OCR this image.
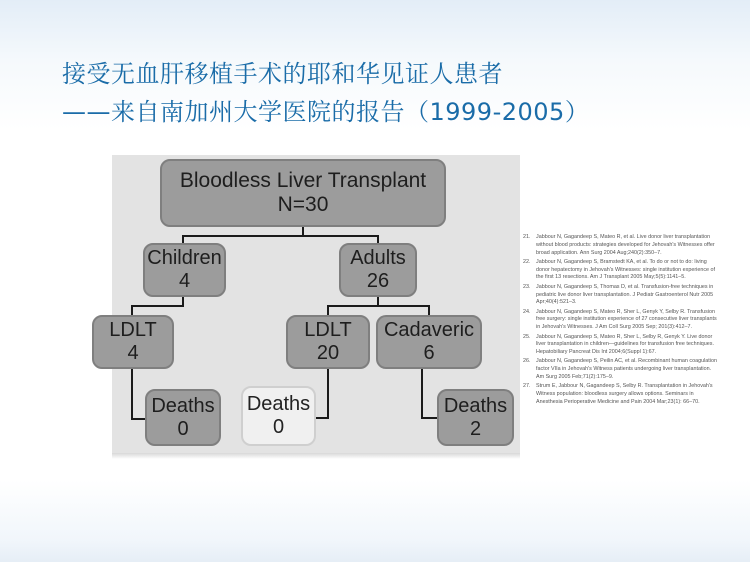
接受无血肝移植手术的耶和华见证人患者
——来自南加州大学医院的报告（1999-2005）
Bloodless Liver Transplant
N=30
Children
4
Adults
26
LDLT
4
LDLT
20
Cadaveric
6
Deaths
0
Deaths
0
Deaths
2
21.	Jabbour N, Gagandeep S, Mateo R, et al. Live donor liver transplantation without blood products: strategies developed for Jehovah's Witnesses offer broad application. Ann Surg 2004 Aug;240(2):350–7.
22.	Jabbour N, Gagandeep S, Bramstedt KA, et al. To do or not to do: living donor hepatectomy in Jehovah's Witnesses: single institution experience of the first 13 resections. Am J Transplant 2005 May;5(5):1141–5.
23.	Jabbour N, Gagandeep S, Thomas D, et al. Transfusion-free techniques in pediatric live donor liver transplantation. J Pediatr Gastroenterol Nutr 2005 Apr;40(4):521–3.
24.	Jabbour N, Gagandeep S, Mateo R, Sher L, Genyk Y, Selby R. Transfusion free surgery: single institution experience of 27 consecutive liver transplants in Jehovah's Witnesses. J Am Coll Surg 2005 Sep; 201(3):412–7.
25.	Jabbour N, Gagandeep S, Mateo R, Sher L, Selby R, Genyk Y. Live donor liver transplantation in children—guidelines for transfusion free techniques. Hepatobiliary Pancreat Dis Int 2004;6(Suppl 1):67.
26.	Jabbour N, Gagandeep S, Peilin AC, et al. Recombinant human coagulation factor VIIa in Jehovah's Witness patients undergoing liver transplantation. Am Surg 2005 Feb;71(2):175–9.
27.	Strum E, Jabbour N, Gagandeep S, Selby R. Transplantation in Jehovah's Witness population: bloodless surgery allows options. Seminars in Anesthesia Perioperative Medicine and Pain 2004 Mar;23(1): 66–70.
